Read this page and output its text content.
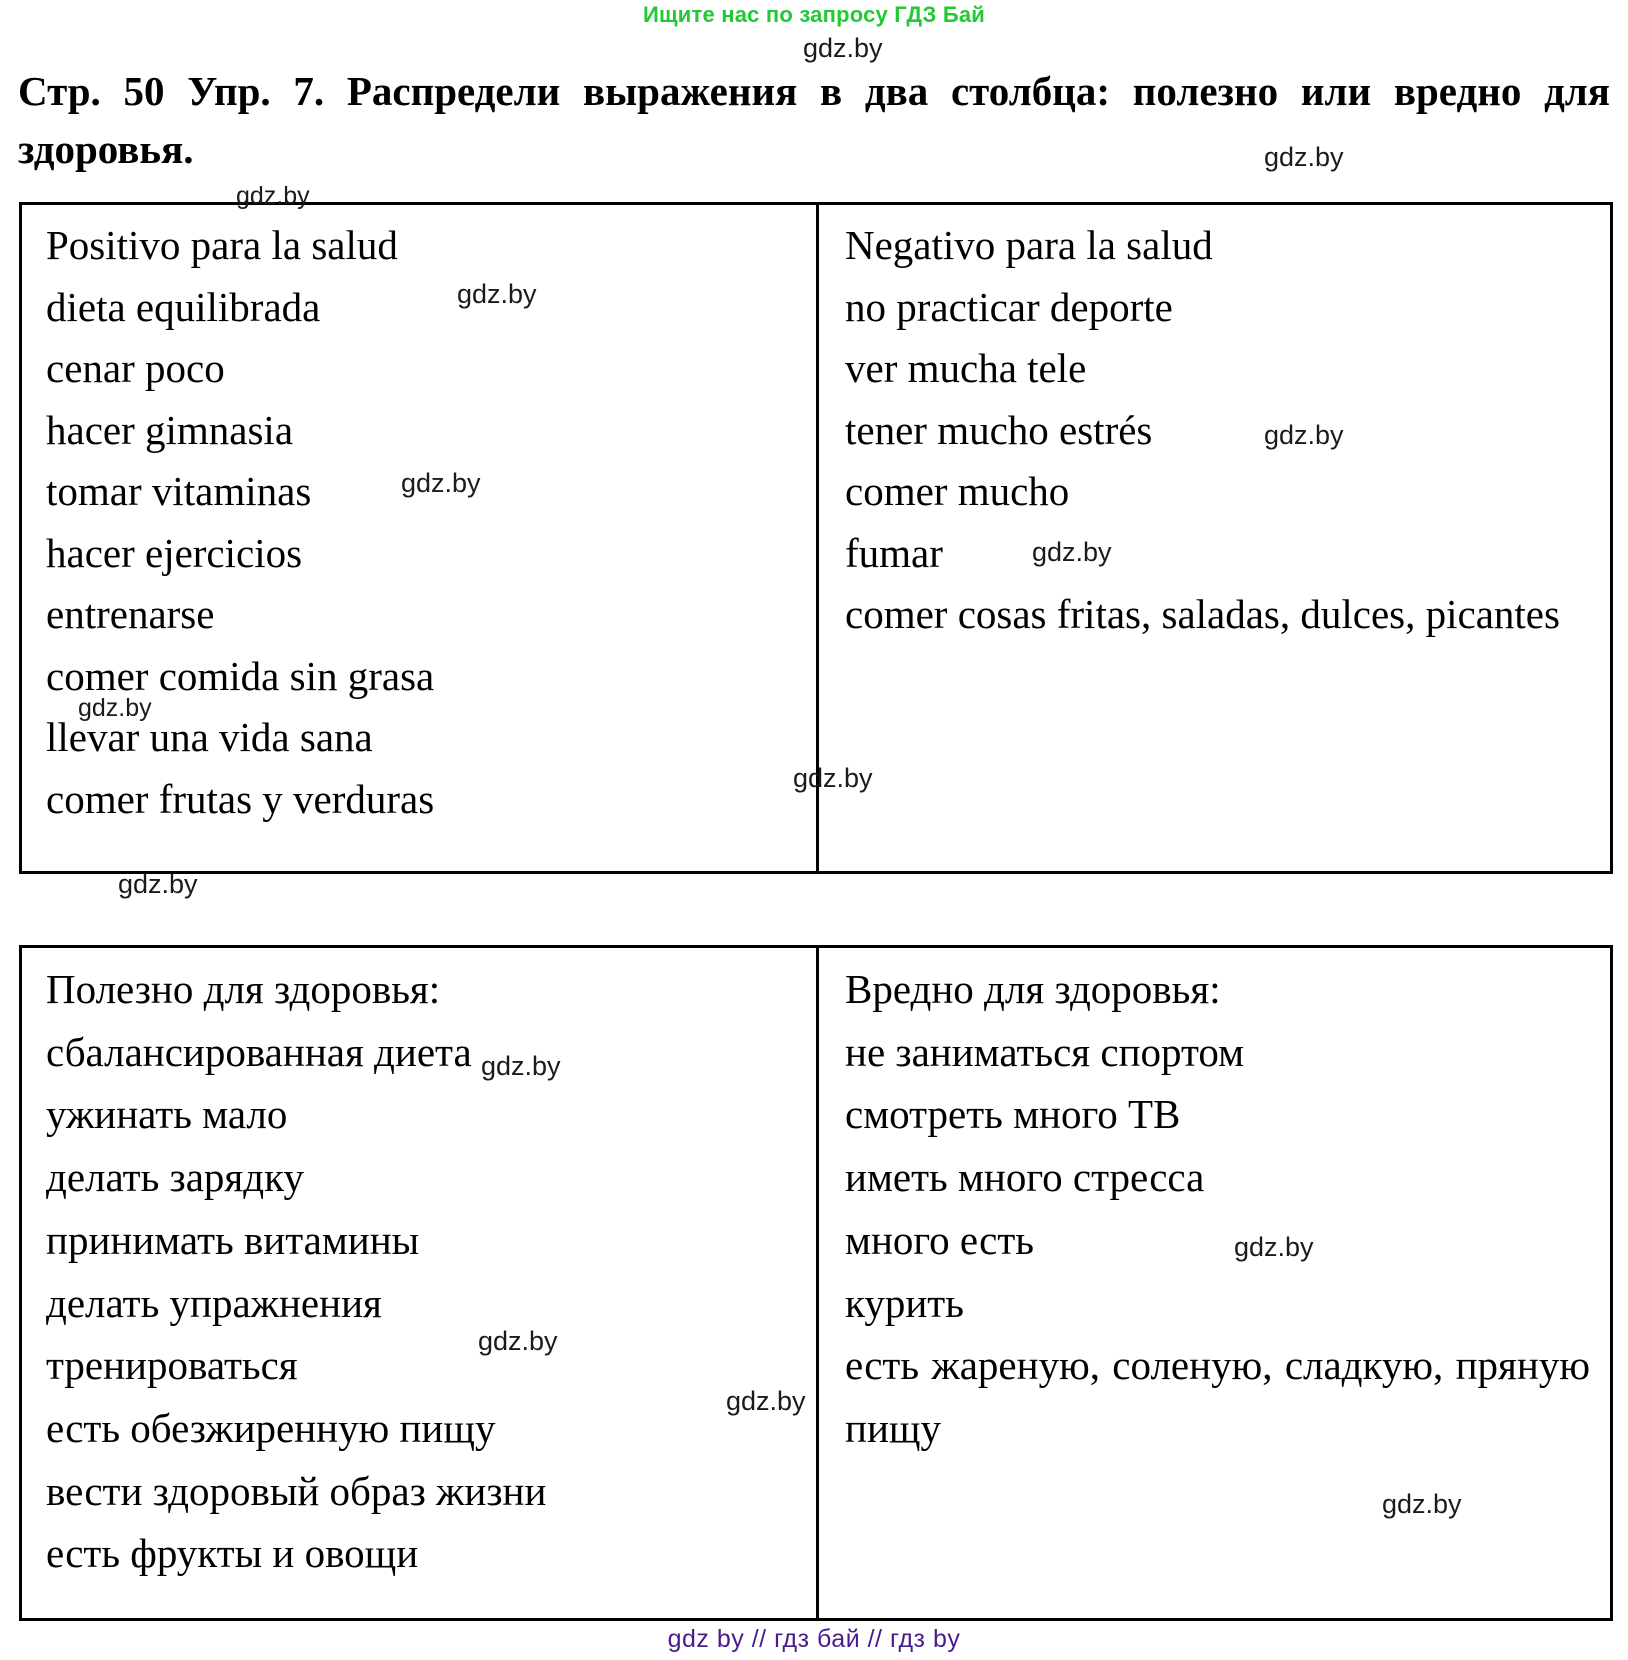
Ищите нас по запросу ГДЗ Бай
Стр. 50 Упр. 7. Распредели выражения в два столбца: полезно или вредно для здоровья.
Positivo para la salud
dieta equilibrada
cenar poco
hacer gimnasia
tomar vitaminas
hacer ejercicios
entrenarse
comer comida sin grasa
llevar una vida sana
comer frutas y verduras
Negativo para la salud
no practicar deporte
ver mucha tele
tener mucho estrés
comer mucho
fumar
comer cosas fritas, saladas, dulces, picantes
Полезно для здоровья:
сбалансированная диета
ужинать мало
делать зарядку
принимать витамины
делать упражнения
тренироваться
есть обезжиренную пищу
вести здоровый образ жизни
есть фрукты и овощи
Вредно для здоровья:
не заниматься спортом
смотреть много ТВ
иметь много стресса
много есть
курить
есть жареную, соленую, сладкую, пряную пищу
gdz by // гдз бай // гдз by
gdz.by
gdz.by
gdz.by
gdz.by
gdz.by
gdz.by
gdz.by
gdz.by
gdz.by
gdz.by
gdz.by
gdz.by
gdz.by
gdz.by
gdz.by
